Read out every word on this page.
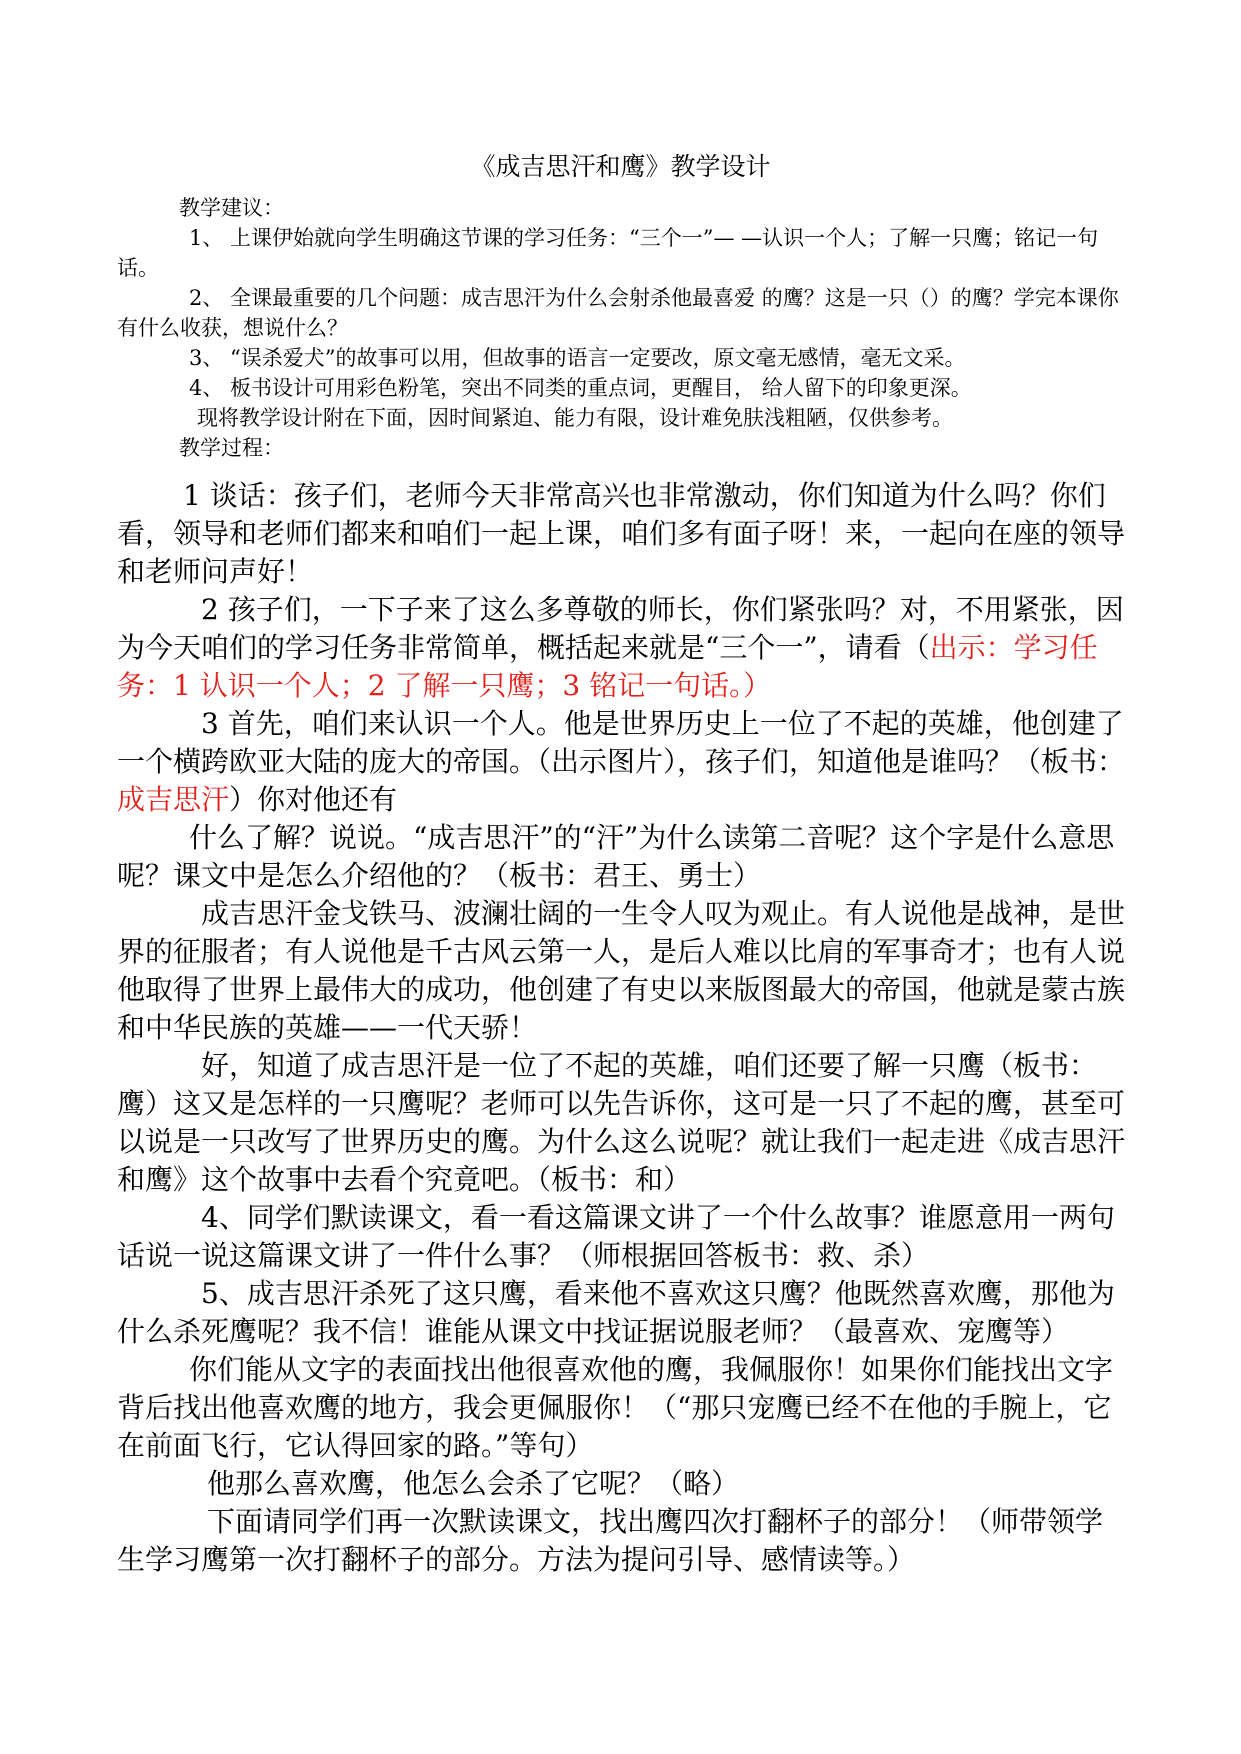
《成吉思汗和鹰》教学设计
教学建议：
1、 上课伊始就向学生明确这节课的学习任务：“三个一”— —认识一个人；了解一只鹰；铭记一句话。
2、 全课最重要的几个问题：成吉思汗为什么会射杀他最喜爱 的鹰？这是一只（）的鹰？学完本课你有什么收获，想说什么？
3、 “误杀爱犬”的故事可以用，但故事的语言一定要改，原文毫无感情，毫无文采。
4、 板书设计可用彩色粉笔，突出不同类的重点词，更醒目， 给人留下的印象更深。
现将教学设计附在下面，因时间紧迫、能力有限，设计难免肤浅粗陋，仅供参考。
教学过程：
1 谈话：孩子们，老师今天非常高兴也非常激动，你们知道为什么吗？你们看，领导和老师们都来和咱们一起上课，咱们多有面子呀！来，一起向在座的领导和老师问声好！
2 孩子们，一下子来了这么多尊敬的师长，你们紧张吗？对，不用紧张，因为今天咱们的学习任务非常简单，概括起来就是“三个一”，请看（出示：学习任务：1 认识一个人；2 了解一只鹰；3 铭记一句话。）
3 首先，咱们来认识一个人。他是世界历史上一位了不起的英雄，他创建了一个横跨欧亚大陆的庞大的帝国。（出示图片），孩子们，知道他是谁吗？（板书：成吉思汗）你对他还有
什么了解？说说。“成吉思汗”的“汗”为什么读第二音呢？这个字是什么意思呢？课文中是怎么介绍他的？（板书：君王、勇士）
成吉思汗金戈铁马、波澜壮阔的一生令人叹为观止。有人说他是战神，是世界的征服者；有人说他是千古风云第一人，是后人难以比肩的军事奇才；也有人说他取得了世界上最伟大的成功，他创建了有史以来版图最大的帝国，他就是蒙古族和中华民族的英雄——一代天骄！
好，知道了成吉思汗是一位了不起的英雄，咱们还要了解一只鹰（板书：鹰）这又是怎样的一只鹰呢？老师可以先告诉你，这可是一只了不起的鹰，甚至可以说是一只改写了世界历史的鹰。为什么这么说呢？就让我们一起走进《成吉思汗和鹰》这个故事中去看个究竟吧。（板书：和）
4、同学们默读课文，看一看这篇课文讲了一个什么故事？谁愿意用一两句话说一说这篇课文讲了一件什么事？（师根据回答板书：救、杀）
5、成吉思汗杀死了这只鹰，看来他不喜欢这只鹰？他既然喜欢鹰，那他为什么杀死鹰呢？我不信！谁能从课文中找证据说服老师？（最喜欢、宠鹰等）
你们能从文字的表面找出他很喜欢他的鹰，我佩服你！如果你们能找出文字背后找出他喜欢鹰的地方，我会更佩服你！（“那只宠鹰已经不在他的手腕上，它在前面飞行，它认得回家的路。”等句）
他那么喜欢鹰，他怎么会杀了它呢？（略）
下面请同学们再一次默读课文，找出鹰四次打翻杯子的部分！（师带领学生学习鹰第一次打翻杯子的部分。方法为提问引导、感情读等。）
